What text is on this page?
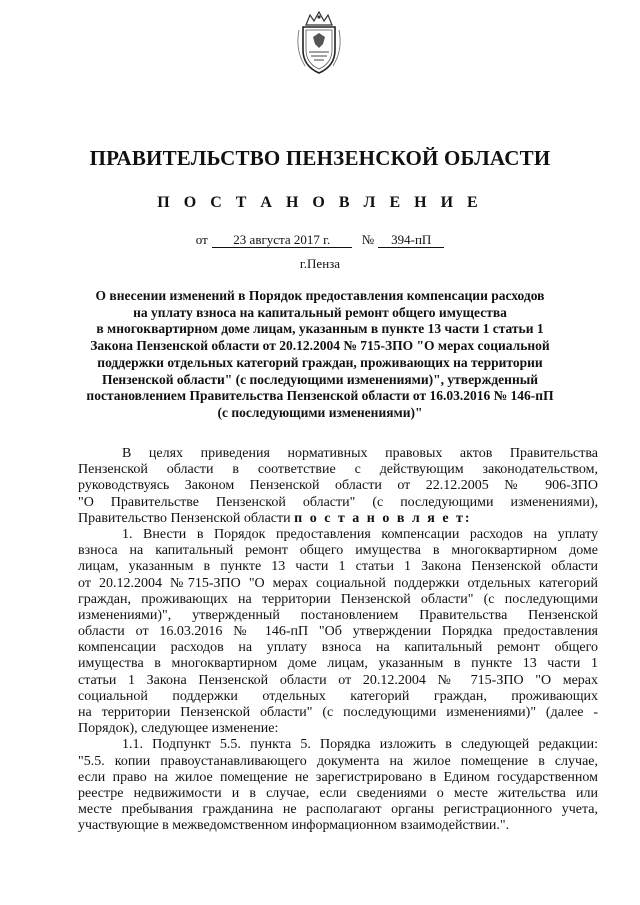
ПРАВИТЕЛЬСТВО ПЕНЗЕНСКОЙ ОБЛАСТИ
П О С Т А Н О В Л Е Н И Е
от 23 августа 2017 г. № 394-пП
г.Пенза
О внесении изменений в Порядок предоставления компенсации расходов
на уплату взноса на капитальный ремонт общего имущества
в многоквартирном доме лицам, указанным в пункте 13 части 1 статьи 1
Закона Пензенской области от 20.12.2004 № 715-ЗПО "О мерах социальной
поддержки отдельных категорий граждан, проживающих на территории
Пензенской области" (с последующими изменениями)", утвержденный
постановлением Правительства Пензенской области от 16.03.2016 № 146-пП
(с последующими изменениями)"
В целях приведения нормативных правовых актов Правительства
Пензенской области в соответствие с действующим законодательством,
руководствуясь Законом Пензенской области от 22.12.2005 № 906-ЗПО
"О Правительстве Пензенской области" (с последующими изменениями),
Правительство Пензенской области п о с т а н о в л я е т:
1. Внести в Порядок предоставления компенсации расходов на уплату
взноса на капитальный ремонт общего имущества в многоквартирном доме
лицам, указанным в пункте 13 части 1 статьи 1 Закона Пензенской области
от 20.12.2004 №715-ЗПО "О мерах социальной поддержки отдельных категорий
граждан, проживающих на территории Пензенской области" (с последующими
изменениями)", утвержденный постановлением Правительства Пензенской
области от 16.03.2016 № 146-пП "Об утверждении Порядка предоставления
компенсации расходов на уплату взноса на капитальный ремонт общего
имущества в многоквартирном доме лицам, указанным в пункте 13 части 1
статьи 1 Закона Пензенской области от 20.12.2004 № 715-ЗПО "О мерах
социальной поддержки отдельных категорий граждан, проживающих
на территории Пензенской области" (с последующими изменениями)" (далее -
Порядок), следующее изменение:
1.1. Подпункт 5.5. пункта 5. Порядка изложить в следующей редакции:
"5.5. копии правоустанавливающего документа на жилое помещение в случае,
если право на жилое помещение не зарегистрировано в Едином государственном
реестре недвижимости и в случае, если сведениями о месте жительства или
месте пребывания гражданина не располагают органы регистрационного учета,
участвующие в межведомственном информационном взаимодействии.".
